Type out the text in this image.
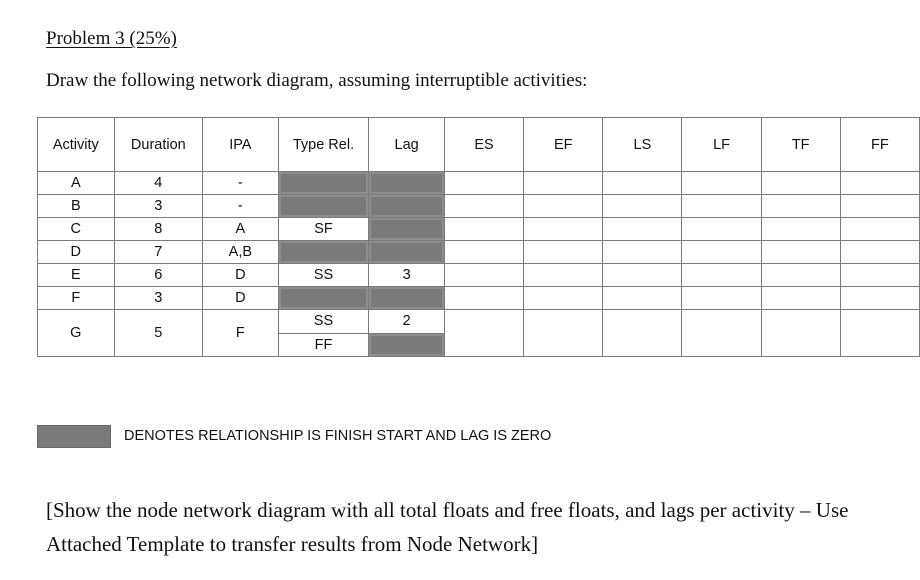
Problem 3 (25%)
Draw the following network diagram, assuming interruptible activities:
Activity	Duration	IPA	Type Rel.	Lag	ES	EF	LS	LF	TF	FF
A	4	-								
B	3	-								
C	8	A	SF							
D	7	A,B								
E	6	D	SS	3						
F	3	D								
G	5	F	SS	2						
			FF							
DENOTES RELATIONSHIP IS FINISH START AND LAG IS ZERO
[Show the node network diagram with all total floats and free floats, and lags per activity – Use Attached Template to transfer results from Node Network]
